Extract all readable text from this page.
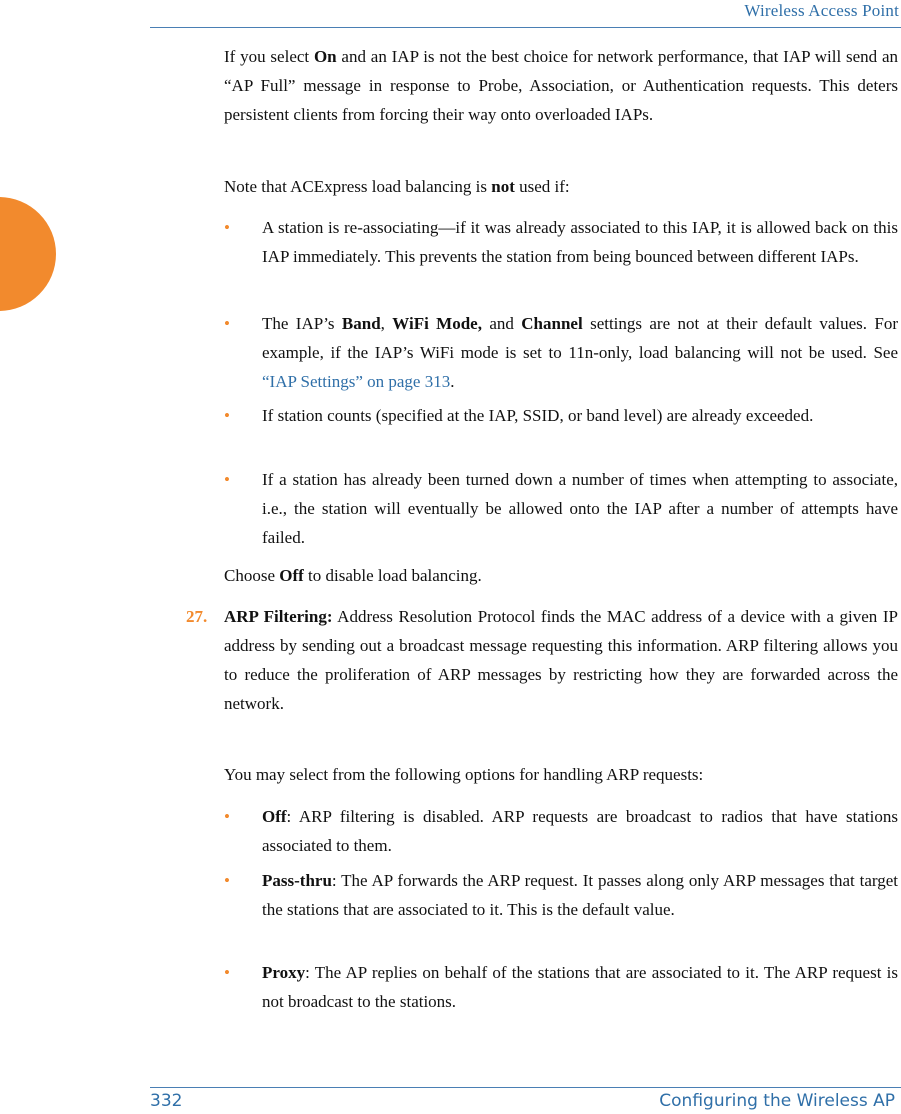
Wireless Access Point

If you select On and an IAP is not the best choice for network performance, that IAP will send an “AP Full” message in response to Probe, Association, or Authentication requests. This deters persistent clients from forcing their way onto overloaded IAPs.

Note that ACExpress load balancing is not used if:

• A station is re-associating—if it was already associated to this IAP, it is allowed back on this IAP immediately. This prevents the station from being bounced between different IAPs.

• The IAP’s Band, WiFi Mode, and Channel settings are not at their default values. For example, if the IAP’s WiFi mode is set to 11n-only, load balancing will not be used. See “IAP Settings” on page 313.

• If station counts (specified at the IAP, SSID, or band level) are already exceeded.

• If a station has already been turned down a number of times when attempting to associate, i.e., the station will eventually be allowed onto the IAP after a number of attempts have failed.

Choose Off to disable load balancing.

27. ARP Filtering: Address Resolution Protocol finds the MAC address of a device with a given IP address by sending out a broadcast message requesting this information. ARP filtering allows you to reduce the proliferation of ARP messages by restricting how they are forwarded across the network.

You may select from the following options for handling ARP requests:

• Off: ARP filtering is disabled. ARP requests are broadcast to radios that have stations associated to them.

• Pass-thru: The AP forwards the ARP request. It passes along only ARP messages that target the stations that are associated to it. This is the default value.

• Proxy: The AP replies on behalf of the stations that are associated to it. The ARP request is not broadcast to the stations.

332	Configuring the Wireless AP
